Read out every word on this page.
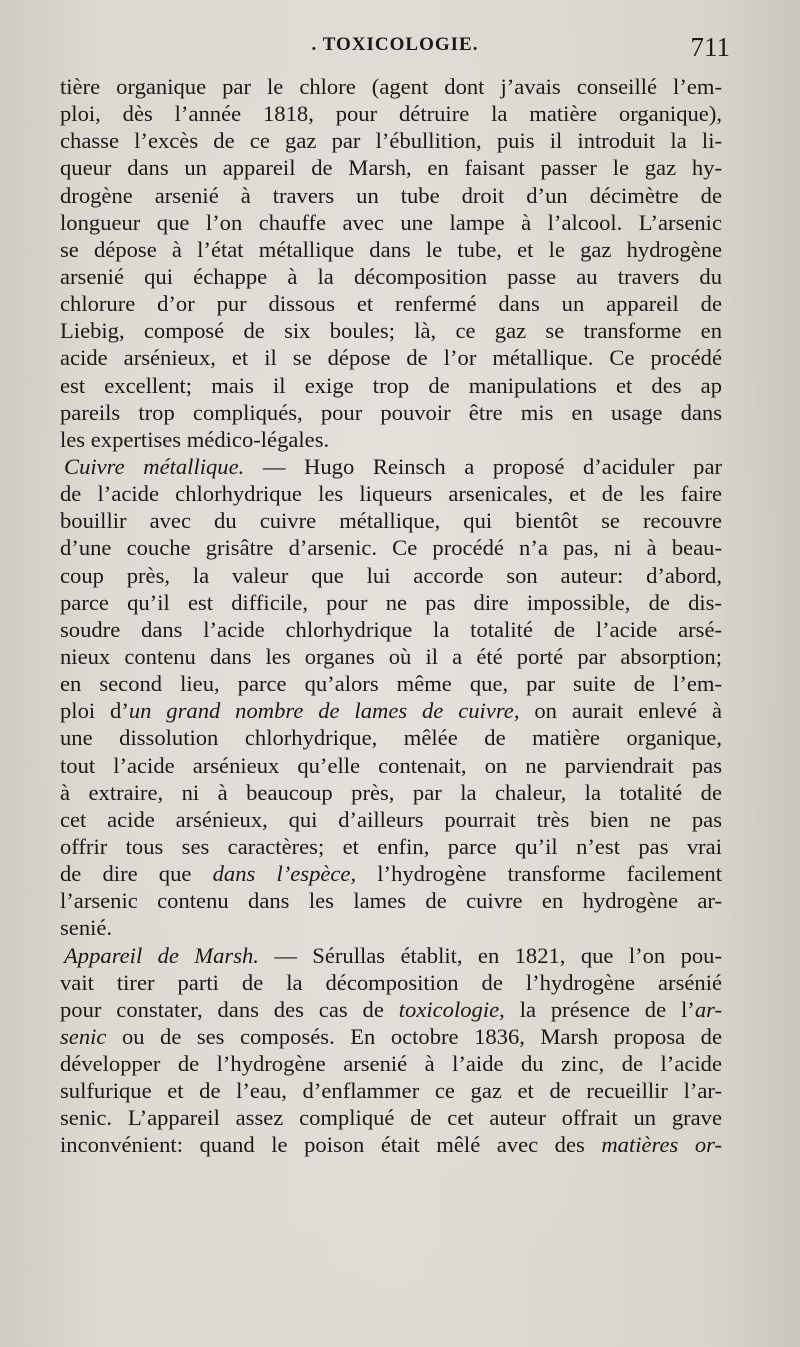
. TOXICOLOGIE.	711
tière organique par le chlore (agent dont j’avais conseillé l’em-
ploi, dès l’année 1818, pour détruire la matière organique),
chasse l’excès de ce gaz par l’ébullition, puis il introduit la li-
queur dans un appareil de Marsh, en faisant passer le gaz hy-
drogène arsenié à travers un tube droit d’un décimètre de
longueur que l’on chauffe avec une lampe à l’alcool. L’arsenic
se dépose à l’état métallique dans le tube, et le gaz hydrogène
arsenié qui échappe à la décomposition passe au travers du
chlorure d’or pur dissous et renfermé dans un appareil de
Liebig, composé de six boules; là, ce gaz se transforme en
acide arsénieux, et il se dépose de l’or métallique. Ce procédé
est excellent; mais il exige trop de manipulations et des ap
pareils trop compliqués, pour pouvoir être mis en usage dans
les expertises médico-légales.
Cuivre métallique. — Hugo Reinsch a proposé d’aciduler par
de l’acide chlorhydrique les liqueurs arsenicales, et de les faire
bouillir avec du cuivre métallique, qui bientôt se recouvre
d’une couche grisâtre d’arsenic. Ce procédé n’a pas, ni à beau-
coup près, la valeur que lui accorde son auteur: d’abord,
parce qu’il est difficile, pour ne pas dire impossible, de dis-
soudre dans l’acide chlorhydrique la totalité de l’acide arsé-
nieux contenu dans les organes où il a été porté par absorption;
en second lieu, parce qu’alors même que, par suite de l’em-
ploi d’un grand nombre de lames de cuivre, on aurait enlevé à
une dissolution chlorhydrique, mêlée de matière organique,
tout l’acide arsénieux qu’elle contenait, on ne parviendrait pas
à extraire, ni à beaucoup près, par la chaleur, la totalité de
cet acide arsénieux, qui d’ailleurs pourrait très bien ne pas
offrir tous ses caractères; et enfin, parce qu’il n’est pas vrai
de dire que dans l’espèce, l’hydrogène transforme facilement
l’arsenic contenu dans les lames de cuivre en hydrogène ar-
senié.
Appareil de Marsh. — Sérullas établit, en 1821, que l’on pou-
vait tirer parti de la décomposition de l’hydrogène arsénié
pour constater, dans des cas de toxicologie, la présence de l’ar-
senic ou de ses composés. En octobre 1836, Marsh proposa de
développer de l’hydrogène arsenié à l’aide du zinc, de l’acide
sulfurique et de l’eau, d’enflammer ce gaz et de recueillir l’ar-
senic. L’appareil assez compliqué de cet auteur offrait un grave
inconvénient: quand le poison était mêlé avec des matières or-
